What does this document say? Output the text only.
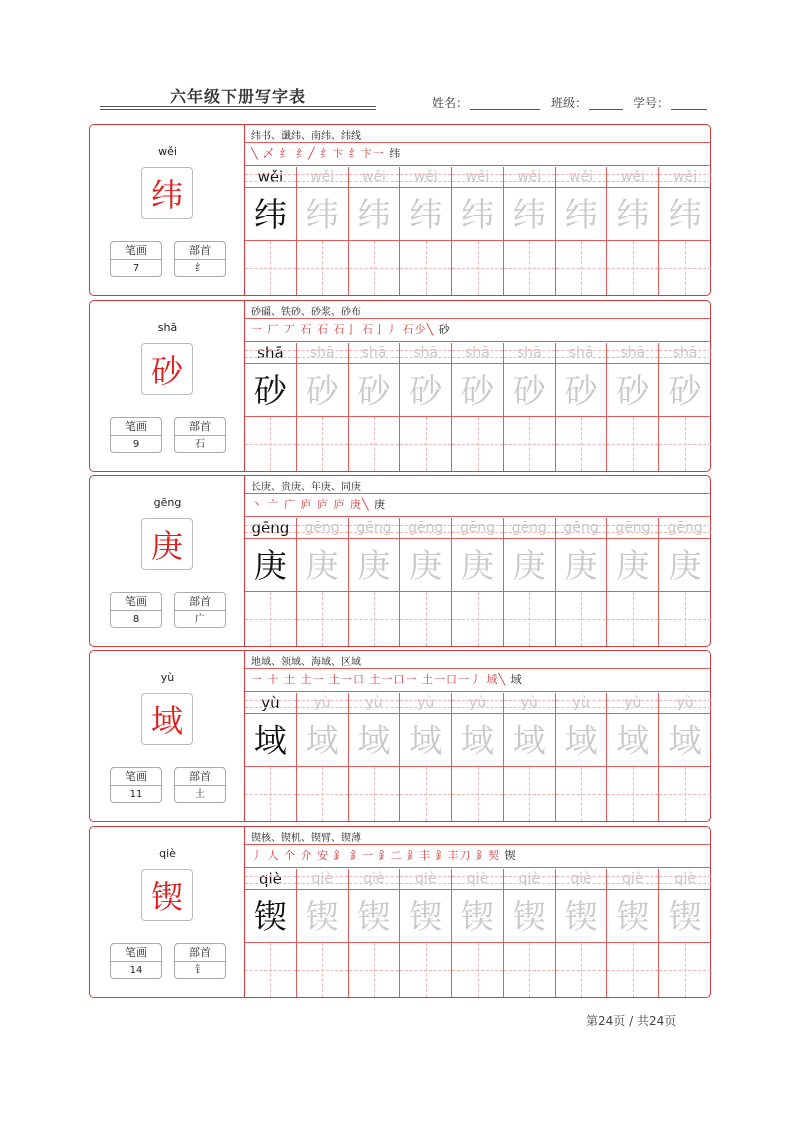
六年级下册写字表	姓名：	班级：	学号：
wěi
纬
笔画
7
部首
纟
纬书、谶纬、南纬、纬线
╲ 乄 纟 纟╱ 纟卞 纟卞一 纬
wěi
纬
wěi
纬
wěi
纬
wěi
纬
wěi
纬
wěi
纬
wěi
纬
wěi
纬
wěi
纬
shā
砂
笔画
9
部首
石
砂礓、铁砂、砂浆、砂布
一 厂 丆 石 石 石亅 石亅丿 石少╲ 砂
shā
砂
shā
砂
shā
砂
shā
砂
shā
砂
shā
砂
shā
砂
shā
砂
shā
砂
gēng
庚
笔画
8
部首
广
长庚、贵庚、年庚、同庚
丶 亠 广 庐 庐 庐 庚╲ 庚
gēng
庚
gēng
庚
gēng
庚
gēng
庚
gēng
庚
gēng
庚
gēng
庚
gēng
庚
gēng
庚
yù
域
笔画
11
部首
土
地域、领域、海域、区域
一 十 土 土一 土一口 土一口一 土一口一丿 域╲ 域
yù
域
yù
域
yù
域
yù
域
yù
域
yù
域
yù
域
yù
域
yù
域
qiè
锲
笔画
14
部首
钅
锲核、锲机、锲臂、锲薄
丿 人 个 介 安 釒 釒一 釒二 釒丰 釒丰刀 釒契 锲
qiè
锲
qiè
锲
qiè
锲
qiè
锲
qiè
锲
qiè
锲
qiè
锲
qiè
锲
qiè
锲
第24页 / 共24页
